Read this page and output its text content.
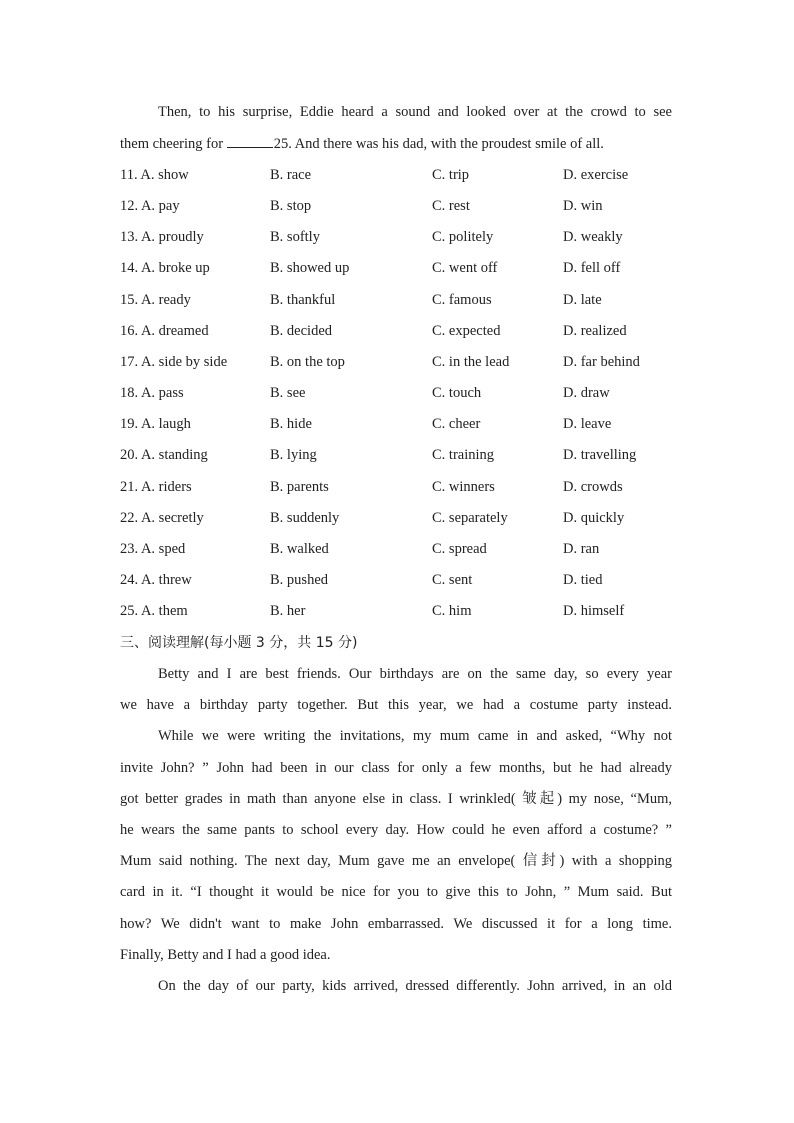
Then, to his surprise, Eddie heard a sound and looked over at the crowd to see
them cheering for	25. And there was his dad, with the proudest smile of all.
11. A. show	B. race	C. trip	D. exercise
12. A. pay	B. stop	C. rest	D. win
13. A. proudly	B. softly	C. politely	D. weakly
14. A. broke up	B. showed up	C. went off	D. fell off
15. A. ready	B. thankful	C. famous	D. late
16. A. dreamed	B. decided	C. expected	D. realized
17. A. side by side	B. on the top	C. in the lead	D. far behind
18. A. pass	B. see	C. touch	D. draw
19. A. laugh	B. hide	C. cheer	D. leave
20. A. standing	B. lying	C. training	D. travelling
21. A. riders	B. parents	C. winners	D. crowds
22. A. secretly	B. suddenly	C. separately	D. quickly
23. A. sped	B. walked	C. spread	D. ran
24. A. threw	B. pushed	C. sent	D. tied
25. A. them	B. her	C. him	D. himself
三、阅读理解(每小题 3 分，共 15 分)
Betty and I are best friends. Our birthdays are on the same day, so every year
we have a birthday party together. But this year, we had a costume party instead.
While we were writing the invitations, my mum came in and asked, “Why not
invite John? ” John had been in our class for only a few months, but he had already
got better grades in math than anyone else in class. I wrinkled( 皱起) my nose, “Mum,
he wears the same pants to school every day. How could he even afford a costume? ”
Mum said nothing. The next day, Mum gave me an envelope( 信封) with a shopping
card in it. “I thought it would be nice for you to give this to John, ” Mum said. But
how? We didn't want to make John embarrassed. We discussed it for a long time.
Finally, Betty and I had a good idea.
On the day of our party, kids arrived, dressed differently. John arrived, in an old
